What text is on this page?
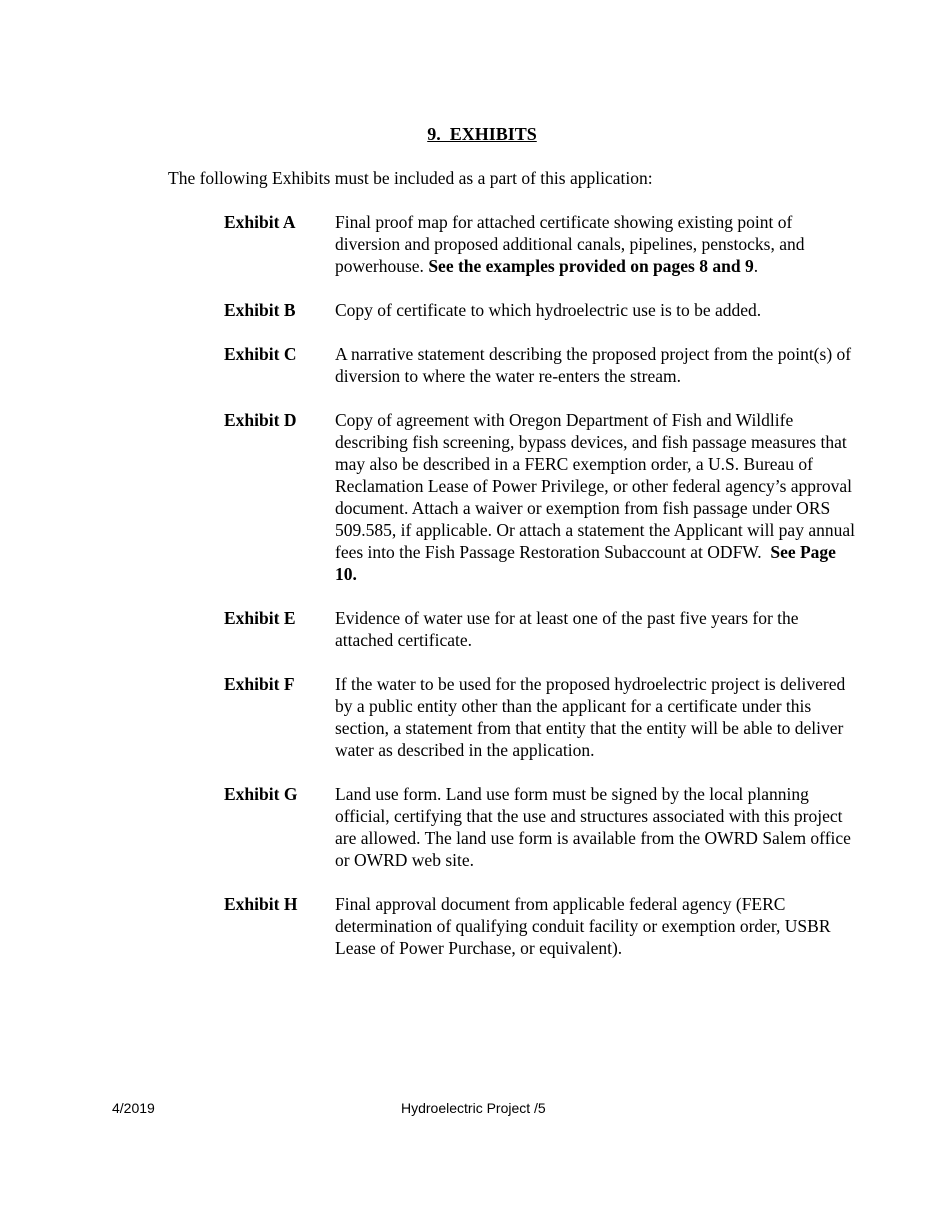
9.  EXHIBITS

The following Exhibits must be included as a part of this application:

Exhibit A	Final proof map for attached certificate showing existing point of diversion and proposed additional canals, pipelines, penstocks, and powerhouse. See the examples provided on pages 8 and 9.
Exhibit B	Copy of certificate to which hydroelectric use is to be added.
Exhibit C	A narrative statement describing the proposed project from the point(s) of diversion to where the water re-enters the stream.
Exhibit D	Copy of agreement with Oregon Department of Fish and Wildlife describing fish screening, bypass devices, and fish passage measures that may also be described in a FERC exemption order, a U.S. Bureau of Reclamation Lease of Power Privilege, or other federal agency’s approval document. Attach a waiver or exemption from fish passage under ORS 509.585, if applicable. Or attach a statement the Applicant will pay annual fees into the Fish Passage Restoration Subaccount at ODFW. See Page 10.
Exhibit E	Evidence of water use for at least one of the past five years for the attached certificate.
Exhibit F	If the water to be used for the proposed hydroelectric project is delivered by a public entity other than the applicant for a certificate under this section, a statement from that entity that the entity will be able to deliver water as described in the application.
Exhibit G	Land use form. Land use form must be signed by the local planning official, certifying that the use and structures associated with this project are allowed. The land use form is available from the OWRD Salem office or OWRD web site.
Exhibit H	Final approval document from applicable federal agency (FERC determination of qualifying conduit facility or exemption order, USBR Lease of Power Purchase, or equivalent).
4/2019	Hydroelectric Project /5
